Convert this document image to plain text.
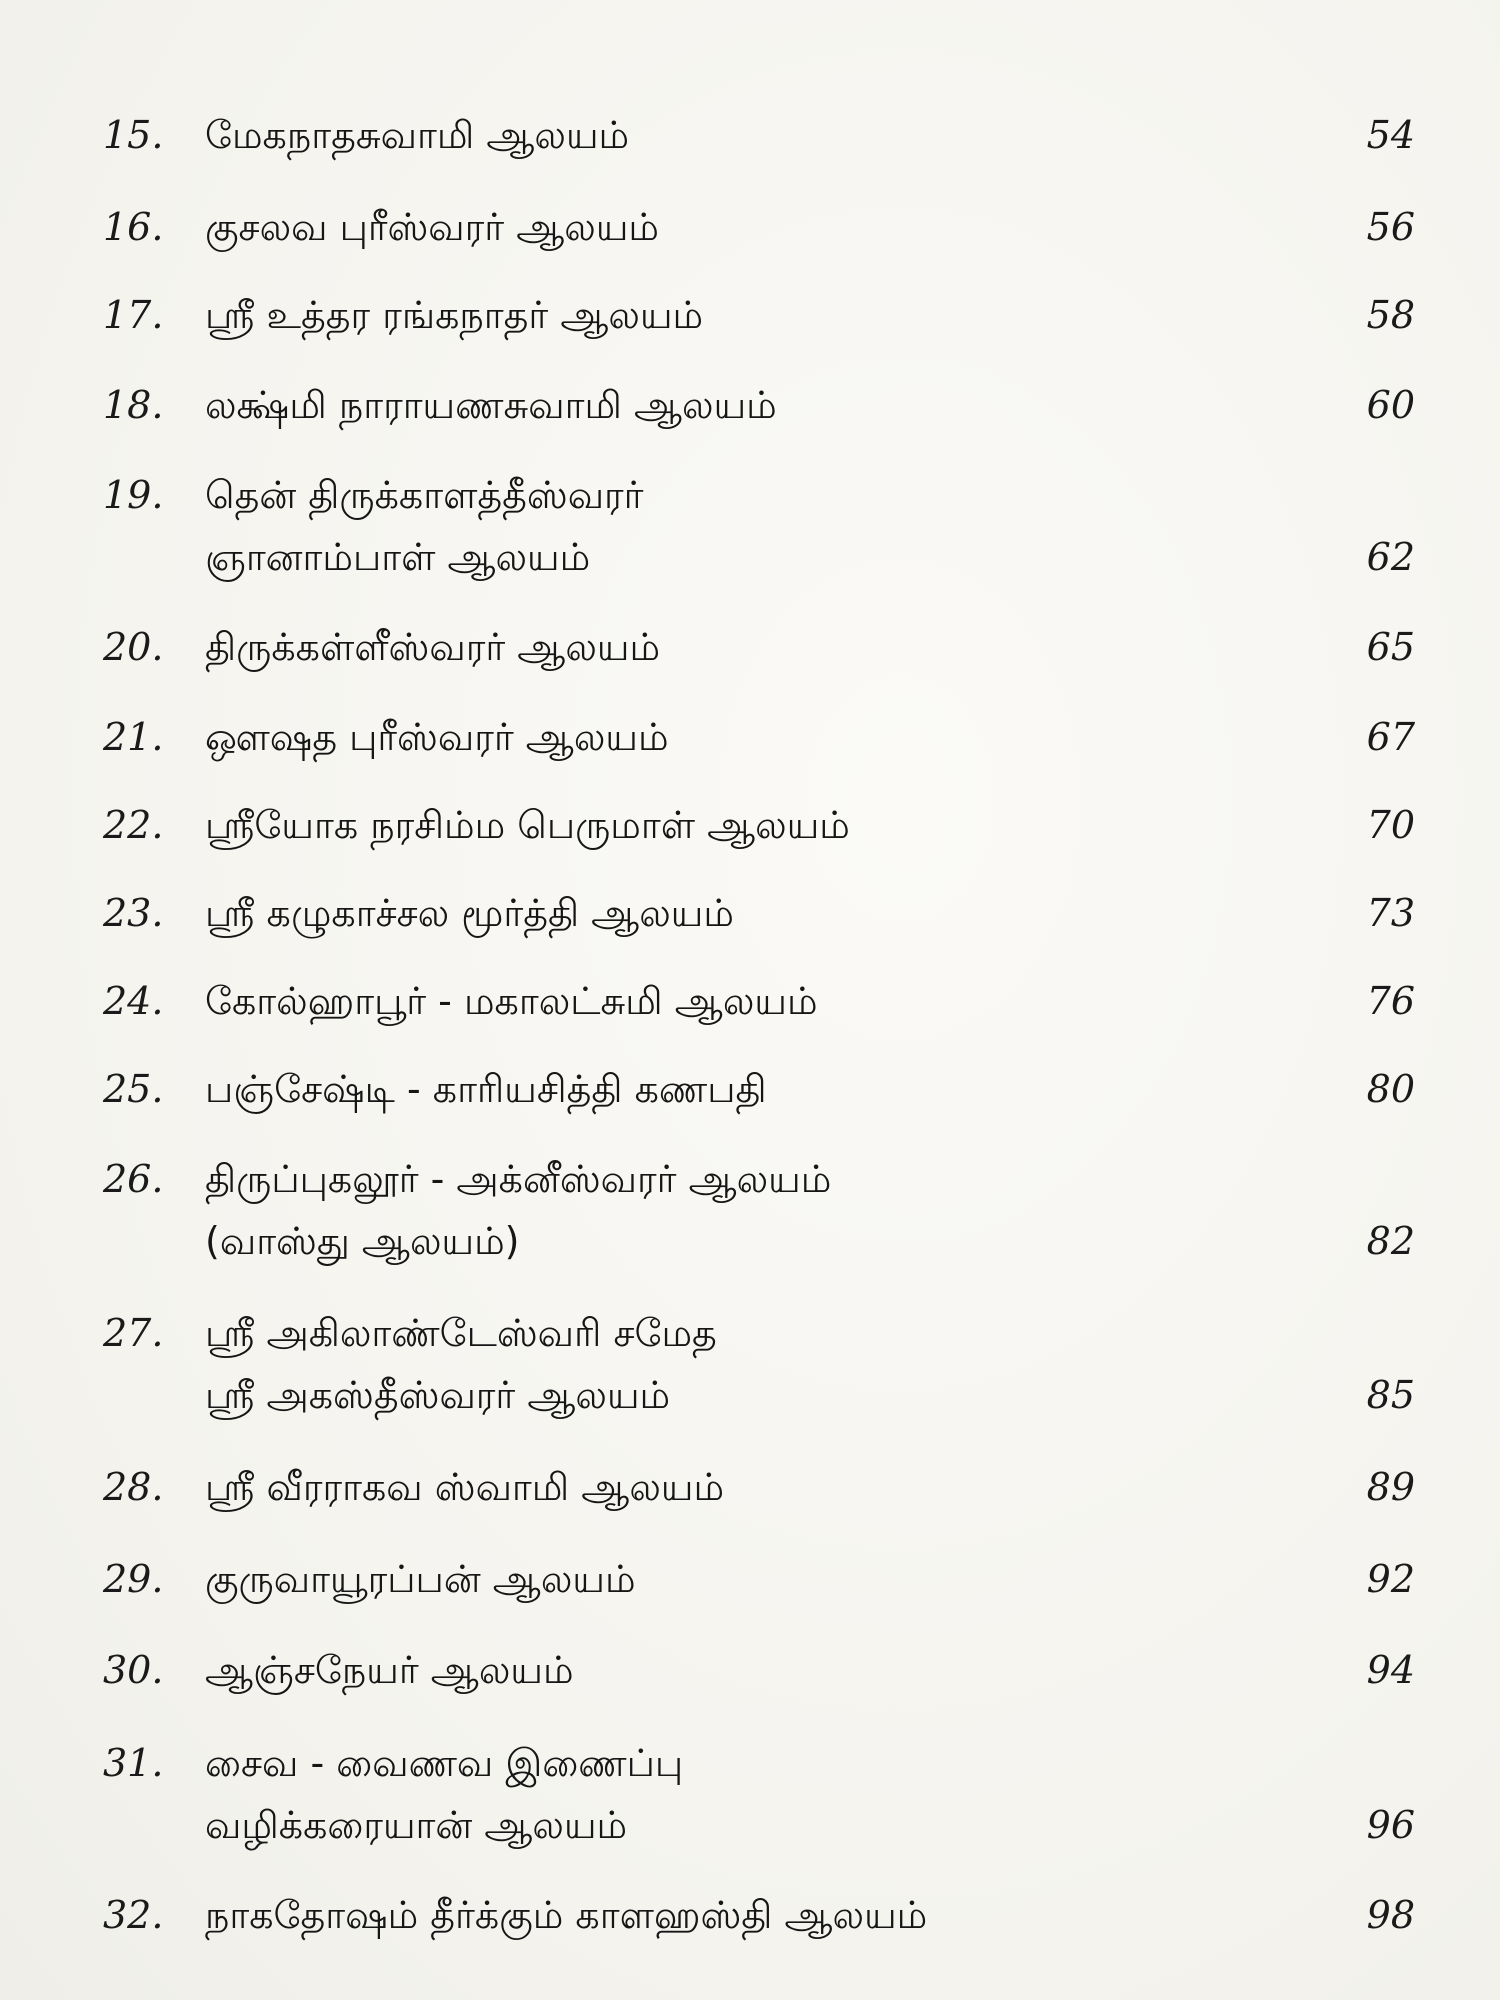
15.	மேகநாதசுவாமி ஆலயம்	54
16.	குசலவ புரீஸ்வரர் ஆலயம்	56
17.	ஸ்ரீ உத்தர ரங்கநாதர் ஆலயம்	58
18.	லக்ஷ்மி நாராயணசுவாமி ஆலயம்	60
19.	தென் திருக்காளத்தீஸ்வரர்
ஞானாம்பாள் ஆலயம்	62
20.	திருக்கள்ளீஸ்வரர் ஆலயம்	65
21.	ஔஷத புரீஸ்வரர் ஆலயம்	67
22.	ஸ்ரீயோக நரசிம்ம பெருமாள் ஆலயம்	70
23.	ஸ்ரீ கழுகாச்சல மூர்த்தி ஆலயம்	73
24.	கோல்ஹாபூர் - மகாலட்சுமி ஆலயம்	76
25.	பஞ்சேஷ்டி - காரியசித்தி கணபதி	80
26.	திருப்புகலூர் - அக்னீஸ்வரர் ஆலயம்
(வாஸ்து ஆலயம்)	82
27.	ஸ்ரீ அகிலாண்டேஸ்வரி சமேத
ஸ்ரீ அகஸ்தீஸ்வரர் ஆலயம்	85
28.	ஸ்ரீ வீரராகவ ஸ்வாமி ஆலயம்	89
29.	குருவாயூரப்பன் ஆலயம்	92
30.	ஆஞ்சநேயர் ஆலயம்	94
31.	சைவ - வைணவ இணைப்பு
வழிக்கரையான் ஆலயம்	96
32.	நாகதோஷம் தீர்க்கும் காளஹஸ்தி ஆலயம்	98
